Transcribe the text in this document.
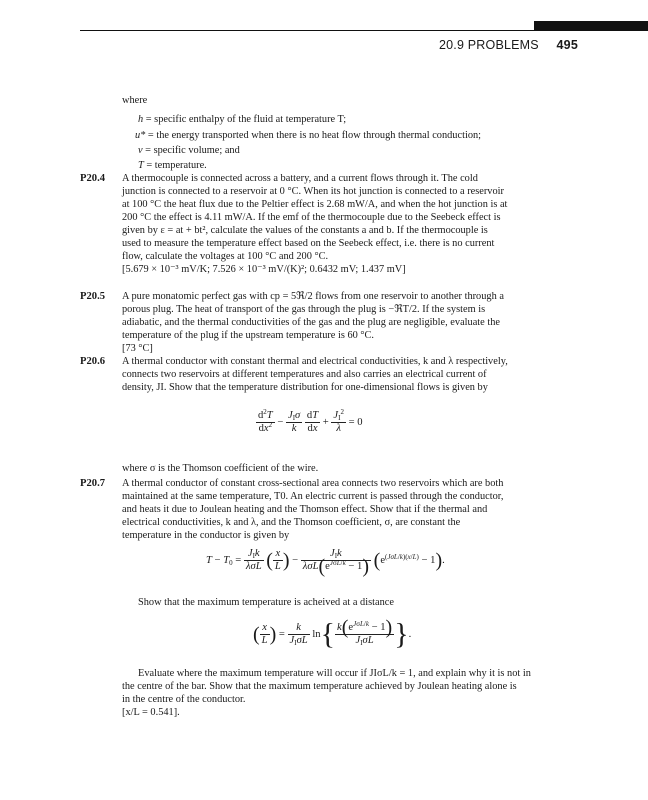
20.9 PROBLEMS 495
where
h = specific enthalpy of the fluid at temperature T;
u* = the energy transported when there is no heat flow through thermal conduction;
v = specific volume; and
T = temperature.
P20.4 A thermocouple is connected across a battery, and a current flows through it. The cold
junction is connected to a reservoir at 0 °C. When its hot junction is connected to a reservoir
at 100 °C the heat flux due to the Peltier effect is 2.68 mW/A, and when the hot junction is at
200 °C the effect is 4.11 mW/A. If the emf of the thermocouple due to the Seebeck effect is
given by ε = at + bt², calculate the values of the constants a and b. If the thermocouple is
used to measure the temperature effect based on the Seebeck effect, i.e. there is no current
flow, calculate the voltages at 100 °C and 200 °C.
[5.679 × 10⁻³ mV/K; 7.526 × 10⁻³ mV/(K)²; 0.6432 mV; 1.437 mV]
P20.5 A pure monatomic perfect gas with cp = 5ℜ/2 flows from one reservoir to another through a
porous plug. The heat of transport of the gas through the plug is −ℜT/2. If the system is
adiabatic, and the thermal conductivities of the gas and the plug are negligible, evaluate the
temperature of the plug if the upstream temperature is 60 °C.
[73 °C]
P20.6 A thermal conductor with constant thermal and electrical conductivities, k and λ respectively,
connects two reservoirs at different temperatures and also carries an electrical current of
density, JI. Show that the temperature distribution for one-dimensional flows is given by
$\frac{d^2T}{dx^2} - \frac{J_I\sigma}{k}$
$\frac{dT}{dx} + \frac{J_I^2}{\lambda} = 0$
where σ is the Thomson coefficient of the wire.
P20.7 A thermal conductor of constant cross-sectional area connects two reservoirs which are both
maintained at the same temperature, T0. An electric current is passed through the conductor,
and heats it due to Joulean heating and the Thomson effect. Show that if the thermal and
electrical conductivities, k and λ, and the Thomson coefficient, σ, are constant the
temperature in the conductor is given by
$T - T_0 = \frac{J_Ik}{\text{λσL}}$ ( $\frac{x}{L}$ ) − $\frac{J_Ik}{\lambda\sigma L(e^{J\sigma L/k} - 1)} (e^{(J\sigma L/k)(x/L)} - 1)$.
Show that the maximum temperature is acheived at a distance
( $\frac{x}{L}$ ) = $\frac{k}{J_I\sigma L} \ln\{ \frac{k(e^{J\sigma L/k} - 1)}{J_I\sigma L}$ }.
Evaluate where the maximum temperature will occur if JIσL/k = 1, and explain why it is not in
the centre of the bar. Show that the maximum temperature achieved by Joulean heating alone is
in the centre of the conductor.
[x/L = 0.541].
